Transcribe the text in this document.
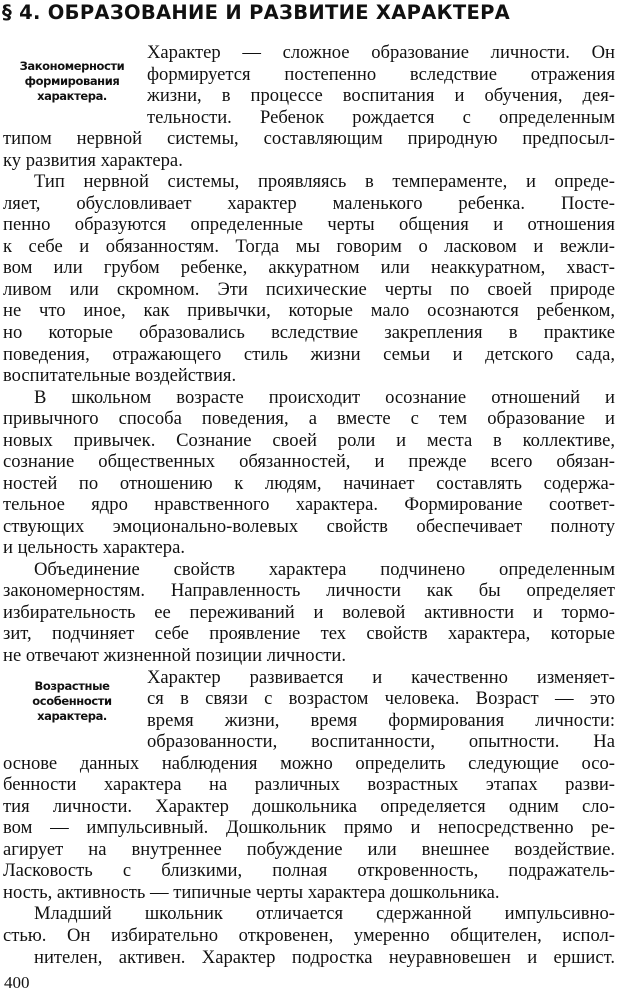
§ 4. ОБРАЗОВАНИЕ И РАЗВИТИЕ ХАРАКТЕРА
Закономерности
формирования
характера.
Возрастные
особенности
характера.
Характер — сложное образование личности. Он
формируется постепенно вследствие отражения
жизни, в процессе воспитания и обучения, дея-
тельности. Ребенок рождается с определенным
типом нервной системы, составляющим природную предпосыл-
ку развития характера.
Тип нервной системы, проявляясь в темпераменте, и опреде-
ляет, обусловливает характер маленького ребенка. Посте-
пенно образуются определенные черты общения и отношения
к себе и обязанностям. Тогда мы говорим о ласковом и вежли-
вом или грубом ребенке, аккуратном или неаккуратном, хваст-
ливом или скромном. Эти психические черты по своей природе
не что иное, как привычки, которые мало осознаются ребенком,
но которые образовались вследствие закрепления в практике
поведения, отражающего стиль жизни семьи и детского сада,
воспитательные воздействия.
В школьном возрасте происходит осознание отношений и
привычного способа поведения, а вместе с тем образование и
новых привычек. Сознание своей роли и места в коллективе,
сознание общественных обязанностей, и прежде всего обязан-
ностей по отношению к людям, начинает составлять содержа-
тельное ядро нравственного характера. Формирование соответ-
ствующих эмоционально-волевых свойств обеспечивает полноту
и цельность характера.
Объединение свойств характера подчинено определенным
закономерностям. Направленность личности как бы определяет
избирательность ее переживаний и волевой активности и тормо-
зит, подчиняет себе проявление тех свойств характера, которые
не отвечают жизненной позиции личности.
Характер развивается и качественно изменяет-
ся в связи с возрастом человека. Возраст — это
время жизни, время формирования личности:
образованности, воспитанности, опытности. На
основе данных наблюдения можно определить следующие осо-
бенности характера на различных возрастных этапах разви-
тия личности. Характер дошкольника определяется одним сло-
вом — импульсивный. Дошкольник прямо и непосредственно ре-
агирует на внутреннее побуждение или внешнее воздействие.
Ласковость с близкими, полная откровенность, подражатель-
ность, активность — типичные черты характера дошкольника.
Младший школьник отличается сдержанной импульсивно-
стью. Он избирательно откровенен, умеренно общителен, испол-
нителен, активен. Характер подростка неуравновешен и ершист.
400
